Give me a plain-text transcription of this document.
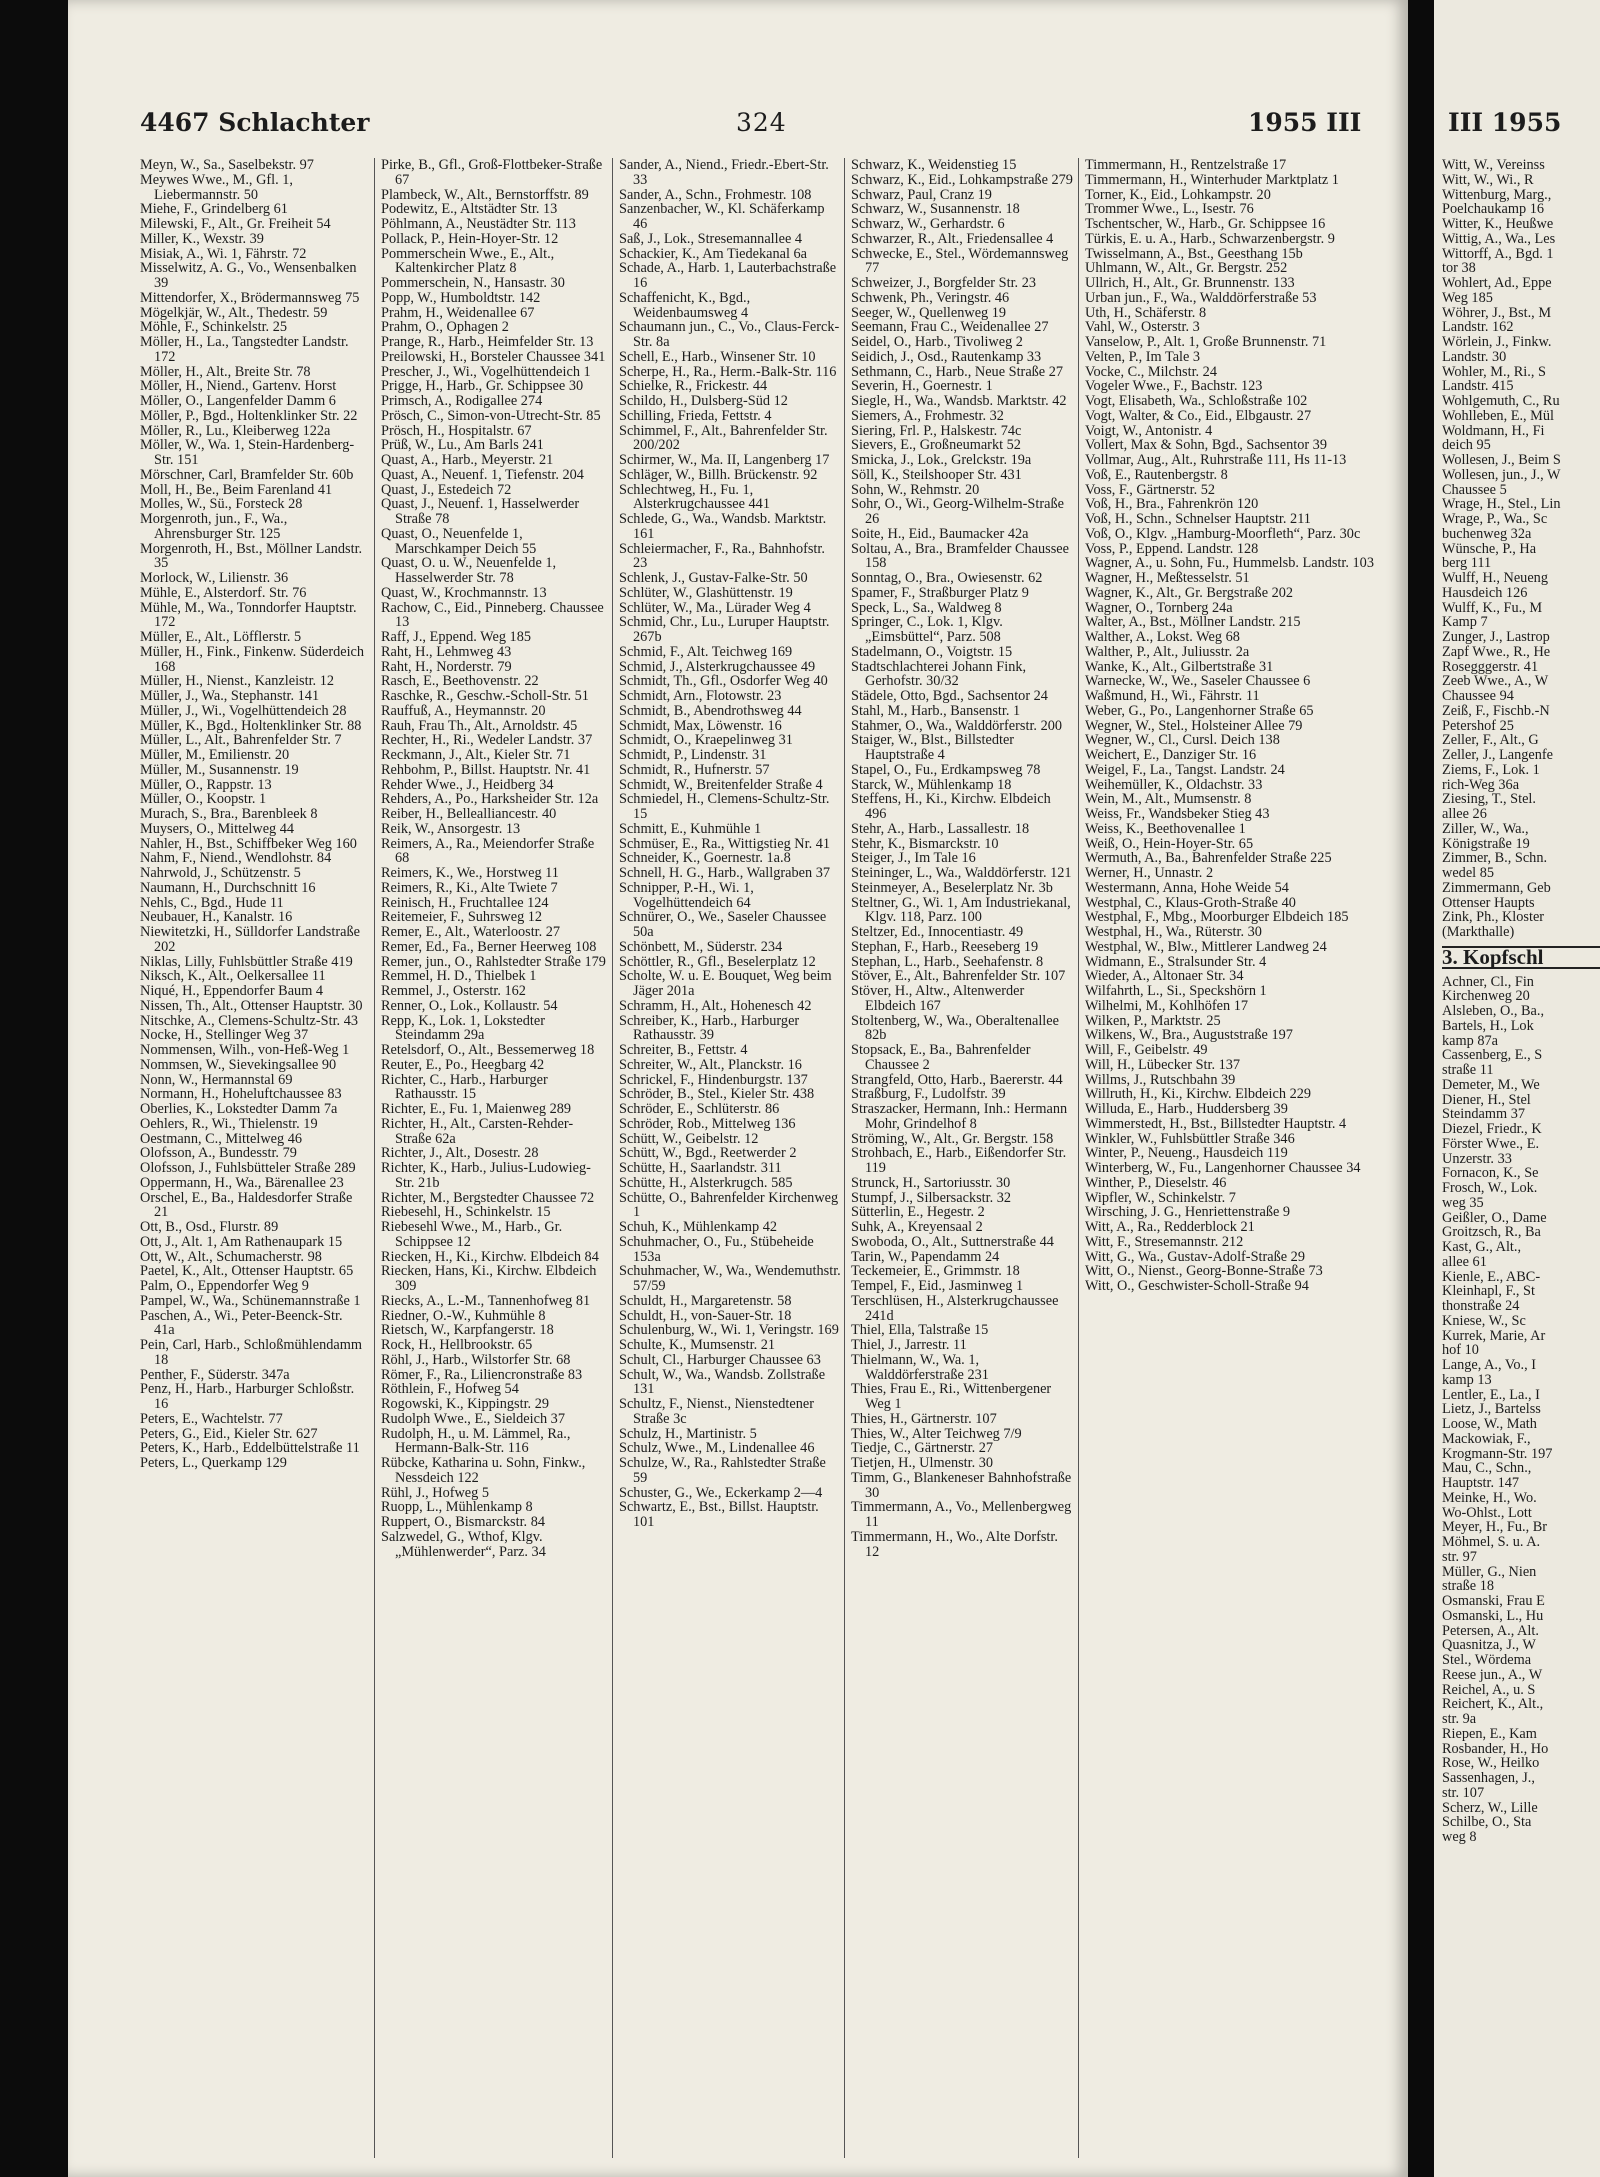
4467 Schlachter	324	1955 III
Meyn, W., Sa., Saselbekstr. 97
Meywes Wwe., M., Gfl. 1, Liebermannstr. 50
Miehe, F., Grindelberg 61
Milewski, F., Alt., Gr. Freiheit 54
Miller, K., Wexstr. 39
Misiak, A., Wi. 1, Fährstr. 72
Misselwitz, A. G., Vo., Wensenbalken 39
Mittendorfer, X., Brödermannsweg 75
Mögelkjär, W., Alt., Thedestr. 59
Möhle, F., Schinkelstr. 25
Möller, H., La., Tangstedter Landstr. 172
Möller, H., Alt., Breite Str. 78
Möller, H., Niend., Gartenv. Horst
Möller, O., Langenfelder Damm 6
Möller, P., Bgd., Holtenklinker Str. 22
Möller, R., Lu., Kleiberweg 122a
Möller, W., Wa. 1, Stein-Hardenberg-Str. 151
Mörschner, Carl, Bramfelder Str. 60b
Moll, H., Be., Beim Farenland 41
Molles, W., Sü., Forsteck 28
Morgenroth, jun., F., Wa., Ahrensburger Str. 125
Morgenroth, H., Bst., Möllner Landstr. 35
Morlock, W., Lilienstr. 36
Mühle, E., Alsterdorf. Str. 76
Mühle, M., Wa., Tonndorfer Hauptstr. 172
Müller, E., Alt., Löfflerstr. 5
Müller, H., Fink., Finkenw. Süderdeich 168
Müller, H., Nienst., Kanzleistr. 12
Müller, J., Wa., Stephanstr. 141
Müller, J., Wi., Vogelhüttendeich 28
Müller, K., Bgd., Holtenklinker Str. 88
Müller, L., Alt., Bahrenfelder Str. 7
Müller, M., Emilienstr. 20
Müller, M., Susannenstr. 19
Müller, O., Rappstr. 13
Müller, O., Koopstr. 1
Murach, S., Bra., Barenbleek 8
Muysers, O., Mittelweg 44
Nahler, H., Bst., Schiffbeker Weg 160
Nahm, F., Niend., Wendlohstr. 84
Nahrwold, J., Schützenstr. 5
Naumann, H., Durchschnitt 16
Nehls, C., Bgd., Hude 11
Neubauer, H., Kanalstr. 16
Niewitetzki, H., Sülldorfer Landstraße 202
Niklas, Lilly, Fuhlsbüttler Straße 419
Niksch, K., Alt., Oelkersallee 11
Niqué, H., Eppendorfer Baum 4
Nissen, Th., Alt., Ottenser Hauptstr. 30
Nitschke, A., Clemens-Schultz-Str. 43
Nocke, H., Stellinger Weg 37
Nommensen, Wilh., von-Heß-Weg 1
Nommsen, W., Sievekingsallee 90
Nonn, W., Hermannstal 69
Normann, H., Hoheluftchaussee 83
Oberlies, K., Lokstedter Damm 7a
Oehlers, R., Wi., Thielenstr. 19
Oestmann, C., Mittelweg 46
Olofsson, A., Bundesstr. 79
Olofsson, J., Fuhlsbütteler Straße 289
Oppermann, H., Wa., Bärenallee 23
Orschel, E., Ba., Haldesdorfer Straße 21
Ott, B., Osd., Flurstr. 89
Ott, J., Alt. 1, Am Rathenaupark 15
Ott, W., Alt., Schumacherstr. 98
Paetel, K., Alt., Ottenser Hauptstr. 65
Palm, O., Eppendorfer Weg 9
Pampel, W., Wa., Schünemannstraße 1
Paschen, A., Wi., Peter-Beenck-Str. 41a
Pein, Carl, Harb., Schloßmühlendamm 18
Penther, F., Süderstr. 347a
Penz, H., Harb., Harburger Schloßstr. 16
Peters, E., Wachtelstr. 77
Peters, G., Eid., Kieler Str. 627
Peters, K., Harb., Eddelbüttelstraße 11
Peters, L., Querkamp 129
Pirke, B., Gfl., Groß-Flottbeker-Straße 67
Plambeck, W., Alt., Bernstorffstr. 89
Podewitz, E., Altstädter Str. 13
Pöhlmann, A., Neustädter Str. 113
Pollack, P., Hein-Hoyer-Str. 12
Pommerschein Wwe., E., Alt., Kaltenkircher Platz 8
Pommerschein, N., Hansastr. 30
Popp, W., Humboldtstr. 142
Prahm, H., Weidenallee 67
Prahm, O., Ophagen 2
Prange, R., Harb., Heimfelder Str. 13
Preilowski, H., Borsteler Chaussee 341
Prescher, J., Wi., Vogelhüttendeich 1
Prigge, H., Harb., Gr. Schippsee 30
Primsch, A., Rodigallee 274
Prösch, C., Simon-von-Utrecht-Str. 85
Prösch, H., Hospitalstr. 67
Prüß, W., Lu., Am Barls 241
Quast, A., Harb., Meyerstr. 21
Quast, A., Neuenf. 1, Tiefenstr. 204
Quast, J., Estedeich 72
Quast, J., Neuenf. 1, Hasselwerder Straße 78
Quast, O., Neuenfelde 1, Marschkamper Deich 55
Quast, O. u. W., Neuenfelde 1, Hasselwerder Str. 78
Quast, W., Krochmannstr. 13
Rachow, C., Eid., Pinneberg. Chaussee 13
Raff, J., Eppend. Weg 185
Raht, H., Lehmweg 43
Raht, H., Norderstr. 79
Rasch, E., Beethovenstr. 22
Raschke, R., Geschw.-Scholl-Str. 51
Rauffuß, A., Heymannstr. 20
Rauh, Frau Th., Alt., Arnoldstr. 45
Rechter, H., Ri., Wedeler Landstr. 37
Reckmann, J., Alt., Kieler Str. 71
Rehbohm, P., Billst. Hauptstr. Nr. 41
Rehder Wwe., J., Heidberg 34
Rehders, A., Po., Harksheider Str. 12a
Reiber, H., Bellealliancestr. 40
Reik, W., Ansorgestr. 13
Reimers, A., Ra., Meiendorfer Straße 68
Reimers, K., We., Horstweg 11
Reimers, R., Ki., Alte Twiete 7
Reinisch, H., Fruchtallee 124
Reitemeier, F., Suhrsweg 12
Remer, E., Alt., Waterloostr. 27
Remer, Ed., Fa., Berner Heerweg 108
Remer, jun., O., Rahlstedter Straße 179
Remmel, H. D., Thielbek 1
Remmel, J., Osterstr. 162
Renner, O., Lok., Kollaustr. 54
Repp, K., Lok. 1, Lokstedter Steindamm 29a
Retelsdorf, O., Alt., Bessemerweg 18
Reuter, E., Po., Heegbarg 42
Richter, C., Harb., Harburger Rathausstr. 15
Richter, E., Fu. 1, Maienweg 289
Richter, H., Alt., Carsten-Rehder-Straße 62a
Richter, J., Alt., Dosestr. 28
Richter, K., Harb., Julius-Ludowieg-Str. 21b
Richter, M., Bergstedter Chaussee 72
Riebesehl, H., Schinkelstr. 15
Riebesehl Wwe., M., Harb., Gr. Schippsee 12
Riecken, H., Ki., Kirchw. Elbdeich 84
Riecken, Hans, Ki., Kirchw. Elbdeich 309
Riecks, A., L.-M., Tannenhofweg 81
Riedner, O.-W., Kuhmühle 8
Rietsch, W., Karpfangerstr. 18
Rock, H., Hellbrookstr. 65
Röhl, J., Harb., Wilstorfer Str. 68
Römer, F., Ra., Liliencronstraße 83
Röthlein, F., Hofweg 54
Rogowski, K., Kippingstr. 29
Rudolph Wwe., E., Sieldeich 37
Rudolph, H., u. M. Lämmel, Ra., Hermann-Balk-Str. 116
Rübcke, Katharina u. Sohn, Finkw., Nessdeich 122
Rühl, J., Hofweg 5
Ruopp, L., Mühlenkamp 8
Ruppert, O., Bismarckstr. 84
Salzwedel, G., Wthof, Klgv. „Mühlenwerder“, Parz. 34
Sander, A., Niend., Friedr.-Ebert-Str. 33
Sander, A., Schn., Frohmestr. 108
Sanzenbacher, W., Kl. Schäferkamp 46
Saß, J., Lok., Stresemannallee 4
Schackier, K., Am Tiedekanal 6a
Schade, A., Harb. 1, Lauterbachstraße 16
Schaffenicht, K., Bgd., Weidenbaumsweg 4
Schaumann jun., C., Vo., Claus-Ferck-Str. 8a
Schell, E., Harb., Winsener Str. 10
Scherpe, H., Ra., Herm.-Balk-Str. 116
Schielke, R., Frickestr. 44
Schildo, H., Dulsberg-Süd 12
Schilling, Frieda, Fettstr. 4
Schimmel, F., Alt., Bahrenfelder Str. 200/202
Schirmer, W., Ma. II, Langenberg 17
Schläger, W., Billh. Brückenstr. 92
Schlechtweg, H., Fu. 1, Alsterkrugchaussee 441
Schlede, G., Wa., Wandsb. Marktstr. 161
Schleiermacher, F., Ra., Bahnhofstr. 23
Schlenk, J., Gustav-Falke-Str. 50
Schlüter, W., Glashüttenstr. 19
Schlüter, W., Ma., Lürader Weg 4
Schmid, Chr., Lu., Luruper Hauptstr. 267b
Schmid, F., Alt. Teichweg 169
Schmid, J., Alsterkrugchaussee 49
Schmidt, Th., Gfl., Osdorfer Weg 40
Schmidt, Arn., Flotowstr. 23
Schmidt, B., Abendrothsweg 44
Schmidt, Max, Löwenstr. 16
Schmidt, O., Kraepelinweg 31
Schmidt, P., Lindenstr. 31
Schmidt, R., Hufnerstr. 57
Schmidt, W., Breitenfelder Straße 4
Schmiedel, H., Clemens-Schultz-Str. 15
Schmitt, E., Kuhmühle 1
Schmüser, E., Ra., Wittigstieg Nr. 41
Schneider, K., Goernestr. 1a.8
Schnell, H. G., Harb., Wallgraben 37
Schnipper, P.-H., Wi. 1, Vogelhüttendeich 64
Schnürer, O., We., Saseler Chaussee 50a
Schönbett, M., Süderstr. 234
Schöttler, R., Gfl., Beselerplatz 12
Scholte, W. u. E. Bouquet, Weg beim Jäger 201a
Schramm, H., Alt., Hohenesch 42
Schreiber, K., Harb., Harburger Rathausstr. 39
Schreiter, B., Fettstr. 4
Schreiter, W., Alt., Planckstr. 16
Schrickel, F., Hindenburgstr. 137
Schröder, B., Stel., Kieler Str. 438
Schröder, E., Schlüterstr. 86
Schröder, Rob., Mittelweg 136
Schütt, W., Geibelstr. 12
Schütt, W., Bgd., Reetwerder 2
Schütte, H., Saarlandstr. 311
Schütte, H., Alsterkrugch. 585
Schütte, O., Bahrenfelder Kirchenweg 1
Schuh, K., Mühlenkamp 42
Schuhmacher, O., Fu., Stübeheide 153a
Schuhmacher, W., Wa., Wendemuthstr. 57/59
Schuldt, H., Margaretenstr. 58
Schuldt, H., von-Sauer-Str. 18
Schulenburg, W., Wi. 1, Veringstr. 169
Schulte, K., Mumsenstr. 21
Schult, Cl., Harburger Chaussee 63
Schult, W., Wa., Wandsb. Zollstraße 131
Schultz, F., Nienst., Nienstedtener Straße 3c
Schulz, H., Martinistr. 5
Schulz, Wwe., M., Lindenallee 46
Schulze, W., Ra., Rahlstedter Straße 59
Schuster, G., We., Eckerkamp 2—4
Schwartz, E., Bst., Billst. Hauptstr. 101
Schwarz, K., Weidenstieg 15
Schwarz, K., Eid., Lohkampstraße 279
Schwarz, Paul, Cranz 19
Schwarz, W., Susannenstr. 18
Schwarz, W., Gerhardstr. 6
Schwarzer, R., Alt., Friedensallee 4
Schwecke, E., Stel., Wördemannsweg 77
Schweizer, J., Borgfelder Str. 23
Schwenk, Ph., Veringstr. 46
Seeger, W., Quellenweg 19
Seemann, Frau C., Weidenallee 27
Seidel, O., Harb., Tivoliweg 2
Seidich, J., Osd., Rautenkamp 33
Sethmann, C., Harb., Neue Straße 27
Severin, H., Goernestr. 1
Siegle, H., Wa., Wandsb. Marktstr. 42
Siemers, A., Frohmestr. 32
Siering, Frl. P., Halskestr. 74c
Sievers, E., Großneumarkt 52
Smicka, J., Lok., Grelckstr. 19a
Söll, K., Steilshooper Str. 431
Sohn, W., Rehmstr. 20
Sohr, O., Wi., Georg-Wilhelm-Straße 26
Soite, H., Eid., Baumacker 42a
Soltau, A., Bra., Bramfelder Chaussee 158
Sonntag, O., Bra., Owiesenstr. 62
Spamer, F., Straßburger Platz 9
Speck, L., Sa., Waldweg 8
Springer, C., Lok. 1, Klgv. „Eimsbüttel“, Parz. 508
Stadelmann, O., Voigtstr. 15
Stadtschlachterei Johann Fink, Gerhofstr. 30/32
Städele, Otto, Bgd., Sachsentor 24
Stahl, M., Harb., Bansenstr. 1
Stahmer, O., Wa., Walddörferstr. 200
Staiger, W., Blst., Billstedter Hauptstraße 4
Stapel, O., Fu., Erdkampsweg 78
Starck, W., Mühlenkamp 18
Steffens, H., Ki., Kirchw. Elbdeich 496
Stehr, A., Harb., Lassallestr. 18
Stehr, K., Bismarckstr. 10
Steiger, J., Im Tale 16
Steininger, L., Wa., Walddörferstr. 121
Steinmeyer, A., Beselerplatz Nr. 3b
Steltner, G., Wi. 1, Am Industriekanal, Klgv. 118, Parz. 100
Steltzer, Ed., Innocentiastr. 49
Stephan, F., Harb., Reeseberg 19
Stephan, L., Harb., Seehafenstr. 8
Stöver, E., Alt., Bahrenfelder Str. 107
Stöver, H., Altw., Altenwerder Elbdeich 167
Stoltenberg, W., Wa., Oberaltenallee 82b
Stopsack, E., Ba., Bahrenfelder Chaussee 2
Strangfeld, Otto, Harb., Baererstr. 44
Straßburg, F., Ludolfstr. 39
Straszacker, Hermann, Inh.: Hermann Mohr, Grindelhof 8
Ströming, W., Alt., Gr. Bergstr. 158
Strohbach, E., Harb., Eißendorfer Str. 119
Strunck, H., Sartoriusstr. 30
Stumpf, J., Silbersackstr. 32
Sütterlin, E., Hegestr. 2
Suhk, A., Kreyensaal 2
Swoboda, O., Alt., Suttnerstraße 44
Tarin, W., Papendamm 24
Teckemeier, E., Grimmstr. 18
Tempel, F., Eid., Jasminweg 1
Terschlüsen, H., Alsterkrugchaussee 241d
Thiel, Ella, Talstraße 15
Thiel, J., Jarrestr. 11
Thielmann, W., Wa. 1, Walddörferstraße 231
Thies, Frau E., Ri., Wittenbergener Weg 1
Thies, H., Gärtnerstr. 107
Thies, W., Alter Teichweg 7/9
Tiedje, C., Gärtnerstr. 27
Tietjen, H., Ulmenstr. 30
Timm, G., Blankeneser Bahnhofstraße 30
Timmermann, A., Vo., Mellenbergweg 11
Timmermann, H., Wo., Alte Dorfstr. 12
Timmermann, H., Rentzelstraße 17
Timmermann, H., Winterhuder Marktplatz 1
Torner, K., Eid., Lohkampstr. 20
Trommer Wwe., L., Isestr. 76
Tschentscher, W., Harb., Gr. Schippsee 16
Türkis, E. u. A., Harb., Schwarzenbergstr. 9
Twisselmann, A., Bst., Geesthang 15b
Uhlmann, W., Alt., Gr. Bergstr. 252
Ullrich, H., Alt., Gr. Brunnenstr. 133
Urban jun., F., Wa., Walddörferstraße 53
Uth, H., Schäferstr. 8
Vahl, W., Osterstr. 3
Vanselow, P., Alt. 1, Große Brunnenstr. 71
Velten, P., Im Tale 3
Vocke, C., Milchstr. 24
Vogeler Wwe., F., Bachstr. 123
Vogt, Elisabeth, Wa., Schloßstraße 102
Vogt, Walter, & Co., Eid., Elbgaustr. 27
Voigt, W., Antonistr. 4
Vollert, Max & Sohn, Bgd., Sachsentor 39
Vollmar, Aug., Alt., Ruhrstraße 111, Hs 11-13
Voß, E., Rautenbergstr. 8
Voss, F., Gärtnerstr. 52
Voß, H., Bra., Fahrenkrön 120
Voß, H., Schn., Schnelser Hauptstr. 211
Voß, O., Klgv. „Hamburg-Moorfleth“, Parz. 30c
Voss, P., Eppend. Landstr. 128
Wagner, A., u. Sohn, Fu., Hummelsb. Landstr. 103
Wagner, H., Meßtesselstr. 51
Wagner, K., Alt., Gr. Bergstraße 202
Wagner, O., Tornberg 24a
Walter, A., Bst., Möllner Landstr. 215
Walther, A., Lokst. Weg 68
Walther, P., Alt., Juliusstr. 2a
Wanke, K., Alt., Gilbertstraße 31
Warnecke, W., We., Saseler Chaussee 6
Waßmund, H., Wi., Fährstr. 11
Weber, G., Po., Langenhorner Straße 65
Wegner, W., Stel., Holsteiner Allee 79
Wegner, W., Cl., Cursl. Deich 138
Weichert, E., Danziger Str. 16
Weigel, F., La., Tangst. Landstr. 24
Weihemüller, K., Oldachstr. 33
Wein, M., Alt., Mumsenstr. 8
Weiss, Fr., Wandsbeker Stieg 43
Weiss, K., Beethovenallee 1
Weiß, O., Hein-Hoyer-Str. 65
Wermuth, A., Ba., Bahrenfelder Straße 225
Werner, H., Unnastr. 2
Westermann, Anna, Hohe Weide 54
Westphal, C., Klaus-Groth-Straße 40
Westphal, F., Mbg., Moorburger Elbdeich 185
Westphal, H., Wa., Rüterstr. 30
Westphal, W., Blw., Mittlerer Landweg 24
Widmann, E., Stralsunder Str. 4
Wieder, A., Altonaer Str. 34
Wilfahrth, L., Si., Speckshörn 1
Wilhelmi, M., Kohlhöfen 17
Wilken, P., Marktstr. 25
Wilkens, W., Bra., Auguststraße 197
Will, F., Geibelstr. 49
Will, H., Lübecker Str. 137
Willms, J., Rutschbahn 39
Willruth, H., Ki., Kirchw. Elbdeich 229
Willuda, E., Harb., Huddersberg 39
Wimmerstedt, H., Bst., Billstedter Hauptstr. 4
Winkler, W., Fuhlsbüttler Straße 346
Winter, P., Neueng., Hausdeich 119
Winterberg, W., Fu., Langenhorner Chaussee 34
Winther, P., Dieselstr. 46
Wipfler, W., Schinkelstr. 7
Wirsching, J. G., Henriettenstraße 9
Witt, A., Ra., Redderblock 21
Witt, F., Stresemannstr. 212
Witt, G., Wa., Gustav-Adolf-Straße 29
Witt, O., Nienst., Georg-Bonne-Straße 73
Witt, O., Geschwister-Scholl-Straße 94
III 1955
Witt, W., Vereinss
Witt, W., Wi., R
Wittenburg, Marg.,
Poelchaukamp 16
Witter, K., Heußwe
Wittig, A., Wa., Les
Wittorff, A., Bgd. 1
tor 38
Wohlert, Ad., Eppe
Weg 185
Wöhrer, J., Bst., M
Landstr. 162
Wörlein, J., Finkw.
Landstr. 30
Wohler, M., Ri., S
Landstr. 415
Wohlgemuth, C., Ru
Wohlleben, E., Mül
Woldmann, H., Fi
deich 95
Wollesen, J., Beim S
Wollesen, jun., J., W
Chaussee 5
Wrage, H., Stel., Lin
Wrage, P., Wa., Sc
buchenweg 32a
Wünsche, P., Ha
berg 111
Wulff, H., Neueng
Hausdeich 126
Wulff, K., Fu., M
Kamp 7
Zunger, J., Lastrop
Zapf Wwe., R., He
Rosegggerstr. 41
Zeeb Wwe., A., W
Chaussee 94
Zeiß, F., Fischb.-N
Petershof 25
Zeller, F., Alt., G
Zeller, J., Langenfe
Ziems, F., Lok. 1
rich-Weg 36a
Ziesing, T., Stel.
allee 26
Ziller, W., Wa.,
Königstraße 19
Zimmer, B., Schn.
wedel 85
Zimmermann, Geb
Ottenser Haupts
Zink, Ph., Kloster
(Markthalle)
3. Kopfschl
Achner, Cl., Fin
Kirchenweg 20
Alsleben, O., Ba.,
Bartels, H., Lok
kamp 87a
Cassenberg, E., S
straße 11
Demeter, M., We
Diener, H., Stel
Steindamm 37
Diezel, Friedr., K
Förster Wwe., E.
Unzerstr. 33
Fornacon, K., Se
Frosch, W., Lok.
weg 35
Geißler, O., Dame
Groitzsch, R., Ba
Kast, G., Alt.,
allee 61
Kienle, E., ABC-
Kleinhapl, F., St
thonstraße 24
Kniese, W., Sc
Kurrek, Marie, Ar
hof 10
Lange, A., Vo., I
kamp 13
Lentler, E., La., I
Lietz, J., Bartelss
Loose, W., Math
Mackowiak, F.,
Krogmann-Str. 197
Mau, C., Schn.,
Hauptstr. 147
Meinke, H., Wo.
Wo-Ohlst., Lott
Meyer, H., Fu., Br
Möhmel, S. u. A.
str. 97
Müller, G., Nien
straße 18
Osmanski, Frau E
Osmanski, L., Hu
Petersen, A., Alt.
Quasnitza, J., W
Stel., Wördema
Reese jun., A., W
Reichel, A., u. S
Reichert, K., Alt.,
str. 9a
Riepen, E., Kam
Rosbander, H., Ho
Rose, W., Heilko
Sassenhagen, J.,
str. 107
Scherz, W., Lille
Schilbe, O., Sta
weg 8
